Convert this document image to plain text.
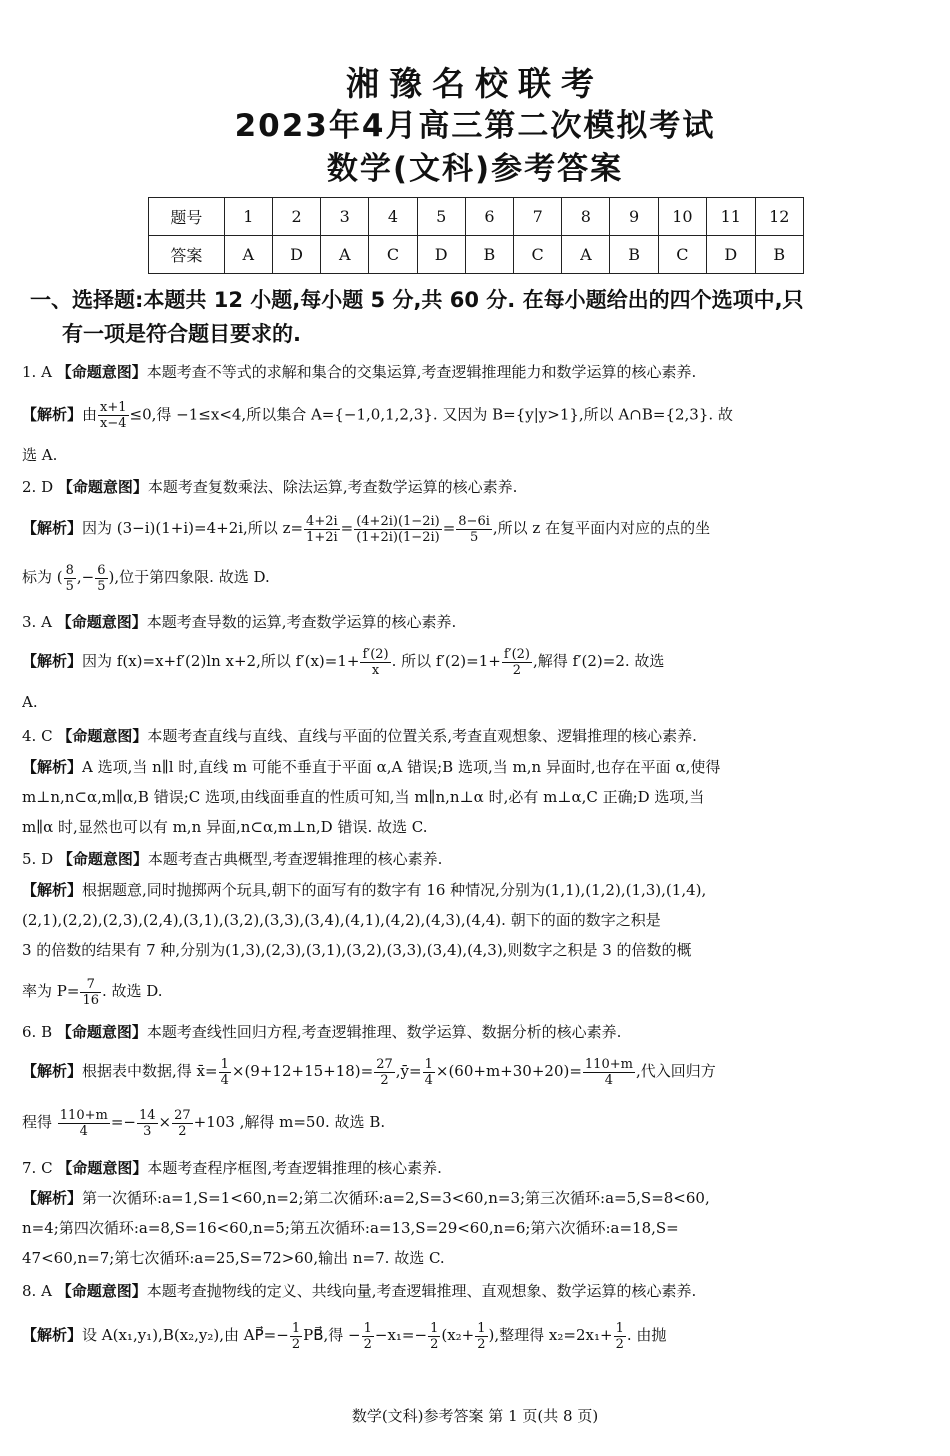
湘豫名校联考
2023年4月高三第二次模拟考试
数学(文科)参考答案
题号	1	2	3	4	5	6	7	8	9	10	11	12
答案	A	D	A	C	D	B	C	A	B	C	D	B
一、选择题:本题共 12 小题,每小题 5 分,共 60 分. 在每小题给出的四个选项中,只
有一项是符合题目要求的.
1. A 【命题意图】本题考查不等式的求解和集合的交集运算,考查逻辑推理能力和数学运算的核心素养.
【解析】由 $\frac{x+1}{x-4} \le 0$,得 −1≤x<4,所以集合 A={−1,0,1,2,3}. 又因为 B={y|y>1},所以 A∩B={2,3}. 故
选 A.
2. D 【命题意图】本题考查复数乘法、除法运算,考查数学运算的核心素养.
【解析】因为 (3−i)(1+i)=4+2i,所以 $z= \frac{4+2i}{1+2i} = \frac{(4+2i)(1-2i)}{(1+2i)(1-2i)} = \frac{8-6i}{5}$ ,所以 z 在复平面内对应的点的坐
标为 ( $\frac{8}{5}$ ,− $\frac{6}{5}$ ),位于第四象限. 故选 D.
3. A 【命题意图】本题考查导数的运算,考查数学运算的核心素养.
【解析】因为 f(x)=x+f′(2)ln x+2,所以 $f'(x)=1+ \frac{f'(2)}{x}$ . 所以 $f'(2)=1+ \frac{f'(2)}{2}$ ,解得 f′(2)=2. 故选
A.
4. C 【命题意图】本题考查直线与直线、直线与平面的位置关系,考查直观想象、逻辑推理的核心素养.
【解析】A 选项,当 n∥l 时,直线 m 可能不垂直于平面 α,A 错误;B 选项,当 m,n 异面时,也存在平面 α,使得
m⊥n,n⊂α,m∥α,B 错误;C 选项,由线面垂直的性质可知,当 m∥n,n⊥α 时,必有 m⊥α,C 正确;D 选项,当
m∥α 时,显然也可以有 m,n 异面,n⊂α,m⊥n,D 错误. 故选 C.
5. D 【命题意图】本题考查古典概型,考查逻辑推理的核心素养.
【解析】根据题意,同时抛掷两个玩具,朝下的面写有的数字有 16 种情况,分别为(1,1),(1,2),(1,3),(1,4),
(2,1),(2,2),(2,3),(2,4),(3,1),(3,2),(3,3),(3,4),(4,1),(4,2),(4,3),(4,4). 朝下的面的数字之积是
3 的倍数的结果有 7 种,分别为(1,3),(2,3),(3,1),(3,2),(3,3),(3,4),(4,3),则数字之积是 3 的倍数的概
率为 $P= \frac{7}{16}$ . 故选 D.
6. B 【命题意图】本题考查线性回归方程,考查逻辑推理、数学运算、数据分析的核心素养.
【解析】根据表中数据,得 x̄= $\frac{1}{4} \times(9+12+15+18)= \frac{27}{2}$ ,ȳ= $\frac{1}{4} \times(60+m+30+20)= \frac{110+m}{4}$ ,代入回归方
程得 $\frac{110+m}{4} =- \frac{14}{3} \times \frac{27}{2} +103$ ,解得 m=50. 故选 B.
7. C 【命题意图】本题考查程序框图,考查逻辑推理的核心素养.
【解析】第一次循环:a=1,S=1<60,n=2;第二次循环:a=2,S=3<60,n=3;第三次循环:a=5,S=8<60,
n=4;第四次循环:a=8,S=16<60,n=5;第五次循环:a=13,S=29<60,n=6;第六次循环:a=18,S=
47<60,n=7;第七次循环:a=25,S=72>60,输出 n=7. 故选 C.
8. A 【命题意图】本题考查抛物线的定义、共线向量,考查逻辑推理、直观想象、数学运算的核心素养.
【解析】设 A(x₁,y₁),B(x₂,y₂),由 AP⃗=− $\frac{1}{2}$ PB⃗,得 − $\frac{1}{2} -x_1=- \frac{1}{2} (x_2+ \frac{1}{2}$ ),整理得 $x_2=2x_1+ \frac{1}{2}$ . 由抛
数学(文科)参考答案 第 1 页(共 8 页)
